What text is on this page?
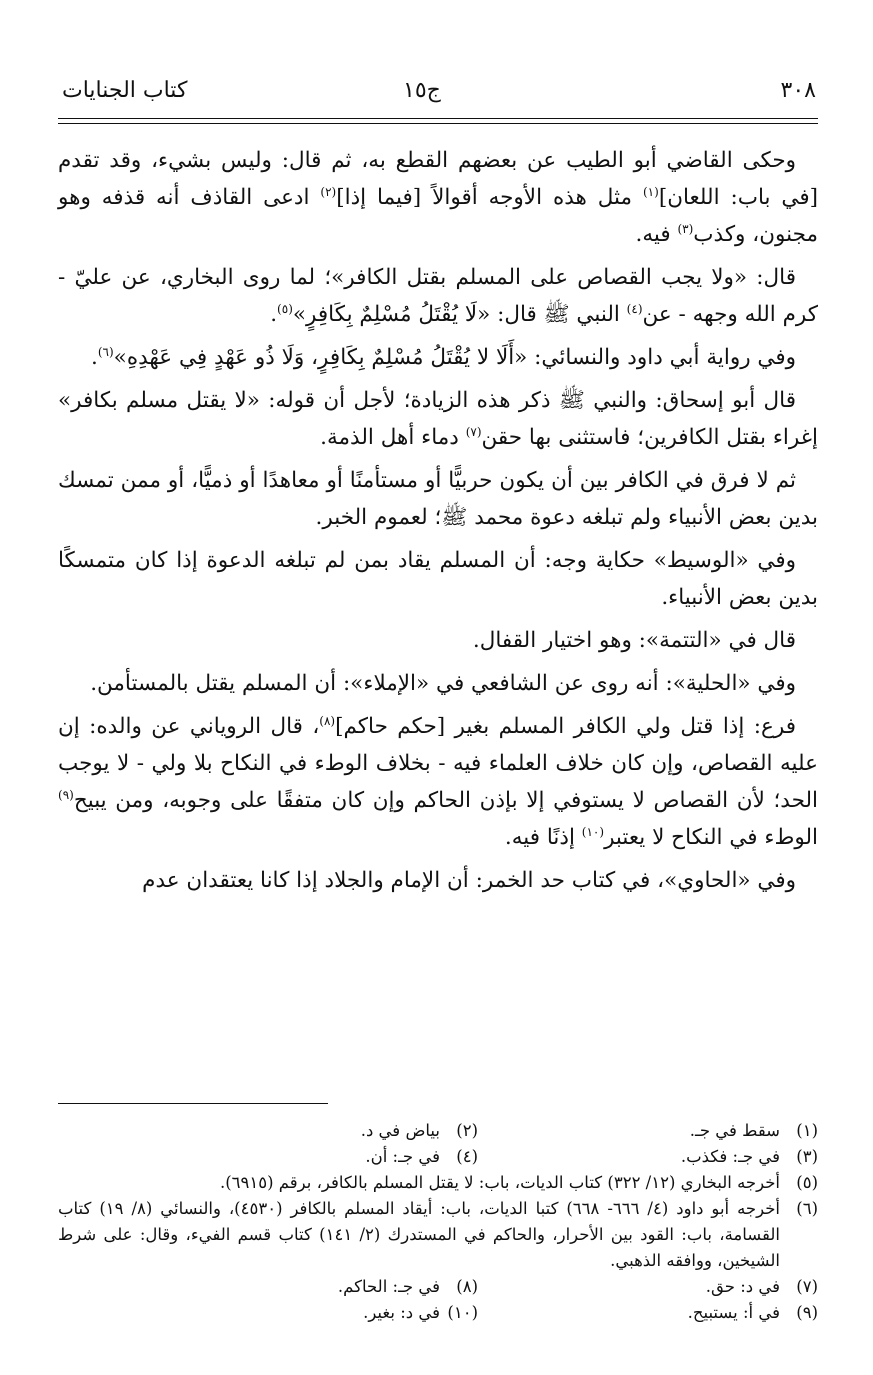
٣٠٨
ج١٥
كتاب الجنايات

وحكى القاضي أبو الطيب عن بعضهم القطع به، ثم قال: وليس بشيء، وقد تقدم [في باب: اللعان]$^{(١)}$ مثل هذه الأوجه أقوالاً [فيما إذا]$^{(٢)}$ ادعى القاذف أنه قذفه وهو مجنون، وكذب$^{(٣)}$ فيه.

قال: «ولا يجب القصاص على المسلم بقتل الكافر»؛ لما روى البخاري، عن عليّ - كرم الله وجهه - عن$^{(٤)}$ النبي ﷺ قال: «لَا يُقْتَلُ مُسْلِمٌ بِكَافِرٍ»$^{(٥)}$.

وفي رواية أبي داود والنسائي: «أَلَا لا يُقْتَلُ مُسْلِمٌ بِكَافِرٍ، وَلَا ذُو عَهْدٍ فِي عَهْدِهِ»$^{(٦)}$.

قال أبو إسحاق: والنبي ﷺ ذكر هذه الزيادة؛ لأجل أن قوله: «لا يقتل مسلم بكافر» إغراء بقتل الكافرين؛ فاستثنى بها حقن$^{(٧)}$ دماء أهل الذمة.

ثم لا فرق في الكافر بين أن يكون حربيًّا أو مستأمنًا أو معاهدًا أو ذميًّا، أو ممن تمسك بدين بعض الأنبياء ولم تبلغه دعوة محمد ﷺ؛ لعموم الخبر.

وفي «الوسيط» حكاية وجه: أن المسلم يقاد بمن لم تبلغه الدعوة إذا كان متمسكًا بدين بعض الأنبياء.

قال في «التتمة»: وهو اختيار القفال.

وفي «الحلية»: أنه روى عن الشافعي في «الإملاء»: أن المسلم يقتل بالمستأمن.

فرع: إذا قتل ولي الكافر المسلم بغير [حكم حاكم]$^{(٨)}$، قال الروياني عن والده: إن عليه القصاص، وإن كان خلاف العلماء فيه - بخلاف الوطء في النكاح بلا ولي - لا يوجب الحد؛ لأن القصاص لا يستوفي إلا بإذن الحاكم وإن كان متفقًا على وجوبه، ومن يبيح$^{(٩)}$ الوطء في النكاح لا يعتبر$^{(١٠)}$ إذنًا فيه.

وفي «الحاوي»، في كتاب حد الخمر: أن الإمام والجلاد إذا كانا يعتقدان عدم

(١)
سقط في جـ.
(٢)
بياض في د.
(٣)
في جـ: فكذب.
(٤)
في جـ: أن.
(٥)
أخرجه البخاري (١٢/ ٣٢٢) كتاب الديات، باب: لا يقتل المسلم بالكافر، برقم (٦٩١٥).
(٦)
أخرجه أبو داود (٤/ ٦٦٦- ٦٦٨) كتبا الديات، باب: أيقاد المسلم بالكافر (٤٥٣٠)، والنسائي (٨/ ١٩) كتاب القسامة، باب: القود بين الأحرار، والحاكم في المستدرك (٢/ ١٤١) كتاب قسم الفيء، وقال: على شرط الشيخين، ووافقه الذهبي.
(٧)
في د: حق.
(٨)
في جـ: الحاكم.
(٩)
في أ: يستبيح.
(١٠)
في د: بغير.
